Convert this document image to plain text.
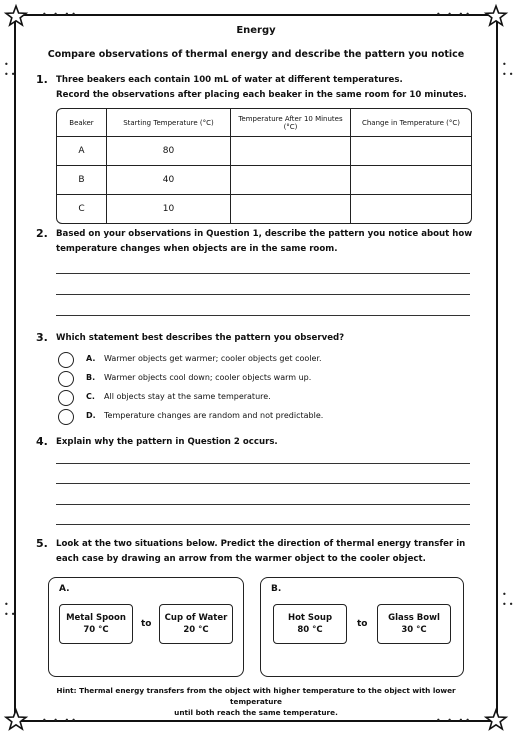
• • ••	• • ••
• • ••	• • ••
• ••
• ••
• ••
• ••
Energy
Compare observations of thermal energy and describe the pattern you notice
1. Three beakers each contain 100 mL of water at different temperatures.
Record the observations after placing each beaker in the same room for 10 minutes.
Beaker	Starting Temperature (°C)	Temperature After 10 Minutes (°C)	Change in Temperature (°C)
A	80		
B	40		
C	10		
2. Based on your observations in Question 1, describe the pattern you notice about how
temperature changes when objects are in the same room.
3. Which statement best describes the pattern you observed?
A. Warmer objects get warmer; cooler objects get cooler.
B. Warmer objects cool down; cooler objects warm up.
C. All objects stay at the same temperature.
D. Temperature changes are random and not predictable.
4. Explain why the pattern in Question 2 occurs.
5. Look at the two situations below. Predict the direction of thermal energy transfer in
each case by drawing an arrow from the warmer object to the cooler object.
A.
Metal Spoon
70 °C
to
Cup of Water
20 °C
B.
Hot Soup
80 °C
to
Glass Bowl
30 °C
Hint: Thermal energy transfers from the object with higher temperature to the object with lower temperature
until both reach the same temperature.
